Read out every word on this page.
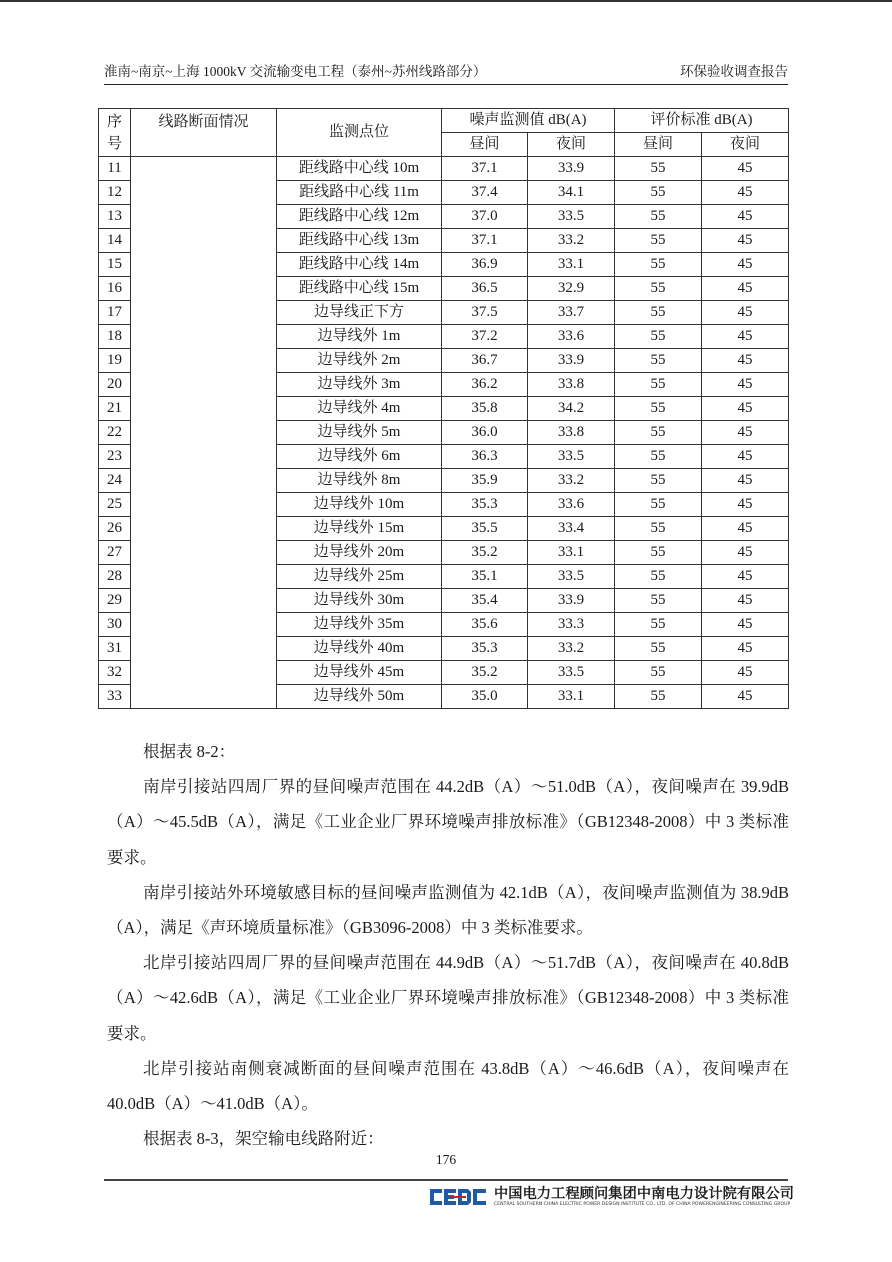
淮南~南京~上海 1000kV 交流输变电工程（泰州~苏州线路部分）	环保验收调查报告
序
号	线路断面情况	监测点位	噪声监测值 dB(A)		评价标准 dB(A)	
			昼间	夜间	昼间	夜间
11		距线路中心线 10m	37.1	33.9	55	45
12		距线路中心线 11m	37.4	34.1	55	45
13		距线路中心线 12m	37.0	33.5	55	45
14		距线路中心线 13m	37.1	33.2	55	45
15		距线路中心线 14m	36.9	33.1	55	45
16		距线路中心线 15m	36.5	32.9	55	45
17		边导线正下方	37.5	33.7	55	45
18		边导线外 1m	37.2	33.6	55	45
19		边导线外 2m	36.7	33.9	55	45
20		边导线外 3m	36.2	33.8	55	45
21		边导线外 4m	35.8	34.2	55	45
22		边导线外 5m	36.0	33.8	55	45
23		边导线外 6m	36.3	33.5	55	45
24		边导线外 8m	35.9	33.2	55	45
25		边导线外 10m	35.3	33.6	55	45
26		边导线外 15m	35.5	33.4	55	45
27		边导线外 20m	35.2	33.1	55	45
28		边导线外 25m	35.1	33.5	55	45
29		边导线外 30m	35.4	33.9	55	45
30		边导线外 35m	35.6	33.3	55	45
31		边导线外 40m	35.3	33.2	55	45
32		边导线外 45m	35.2	33.5	55	45
33		边导线外 50m	35.0	33.1	55	45

根据表 8-2：

南岸引接站四周厂界的昼间噪声范围在 44.2dB（A）～51.0dB（A），夜间噪声在 39.9dB（A）～45.5dB（A），满足《工业企业厂界环境噪声排放标准》（GB12348-2008）中 3 类标准要求。

南岸引接站外环境敏感目标的昼间噪声监测值为 42.1dB（A），夜间噪声监测值为 38.9dB（A），满足《声环境质量标准》（GB3096-2008）中 3 类标准要求。

北岸引接站四周厂界的昼间噪声范围在 44.9dB（A）～51.7dB（A），夜间噪声在 40.8dB（A）～42.6dB（A），满足《工业企业厂界环境噪声排放标准》（GB12348-2008）中 3 类标准要求。

北岸引接站南侧衰减断面的昼间噪声范围在 43.8dB（A）～46.6dB（A），夜间噪声在 40.0dB（A）～41.0dB（A）。

根据表 8-3，架空输电线路附近：

176
中国电力工程顾问集团中南电力设计院有限公司
CENTRAL SOUTHERN CHINA ELECTRIC POWER DESIGN INSTITUTE CO., LTD. OF CHINA POWERENGINEERING CONSULTING GROUP
